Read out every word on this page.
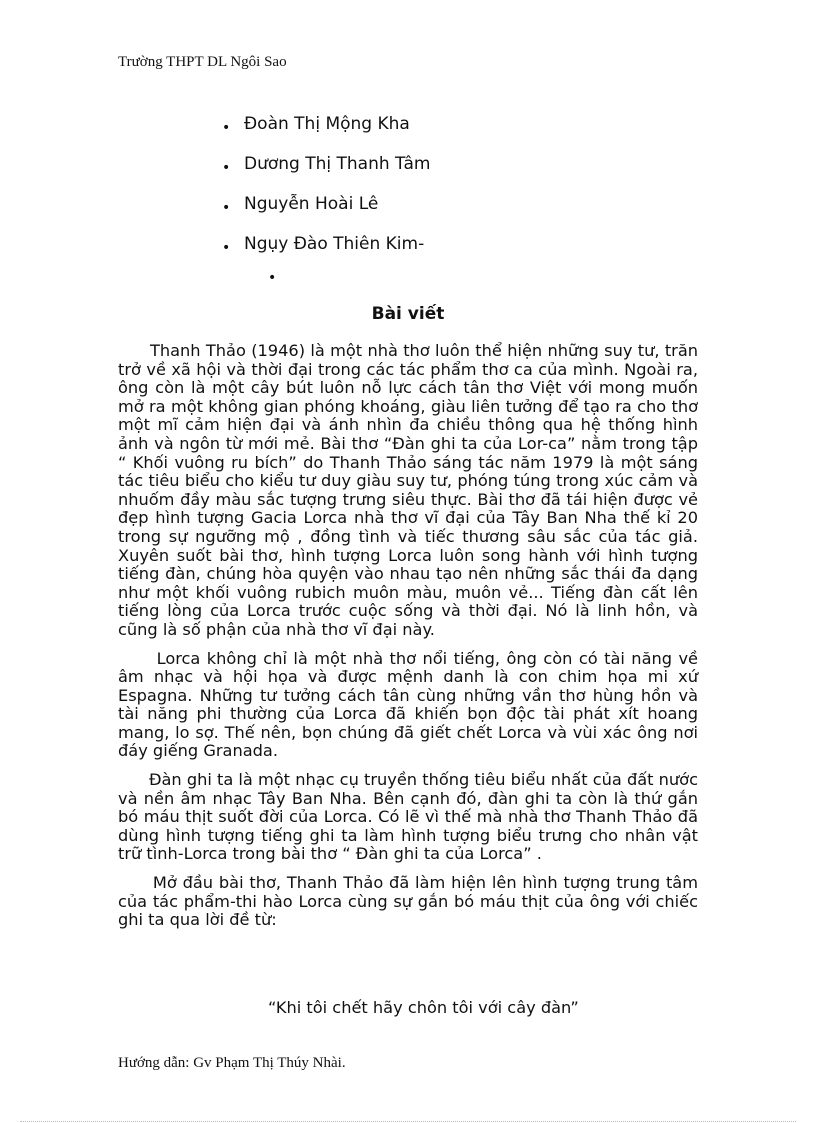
Trường THPT DL Ngôi Sao
• Đoàn Thị Mộng Kha
• Dương Thị Thanh Tâm
• Nguyễn Hoài Lê
• Ngụy Đào Thiên Kim-
•
Bài viết

Thanh Thảo (1946) là một nhà thơ luôn thể hiện những suy tư, trăn trở về xã hội và thời đại trong các tác phẩm thơ ca của mình. Ngoài ra, ông còn là một cây bút luôn nỗ lực cách tân thơ Việt với mong muốn mở ra một không gian phóng khoáng, giàu liên tưởng để tạo ra cho thơ một mĩ cảm hiện đại và ánh nhìn đa chiều thông qua hệ thống hình ảnh và ngôn từ mới mẻ. Bài thơ “Đàn ghi ta của Lor-ca” nằm trong tập “ Khối vuông ru bích” do Thanh Thảo sáng tác năm 1979 là một sáng tác tiêu biểu cho kiểu tư duy giàu suy tư, phóng túng trong xúc cảm và nhuốm đầy màu sắc tượng trưng siêu thực. Bài thơ đã tái hiện được vẻ đẹp hình tượng Gacia Lorca nhà thơ vĩ đại của Tây Ban Nha thế kỉ 20 trong sự ngưỡng mộ , đồng tình và tiếc thương sâu sắc của tác giả. Xuyên suốt bài thơ, hình tượng Lorca luôn song hành với hình tượng tiếng đàn, chúng hòa quyện vào nhau tạo nên những sắc thái đa dạng như một khối vuông rubich muôn màu, muôn vẻ... Tiếng đàn cất lên tiếng lòng của Lorca trước cuộc sống và thời đại. Nó là linh hồn, và cũng là số phận của nhà thơ vĩ đại này.

Lorca không chỉ là một nhà thơ nổi tiếng, ông còn có tài năng về âm nhạc và hội họa và được mệnh danh là con chim họa mi xứ Espagna. Những tư tưởng cách tân cùng những vần thơ hùng hồn và tài năng phi thường của Lorca đã khiến bọn độc tài phát xít hoang mang, lo sợ. Thế nên, bọn chúng đã giết chết Lorca và vùi xác ông nơi đáy giếng Granada.

Đàn ghi ta là một nhạc cụ truyền thống tiêu biểu nhất của đất nước và nền âm nhạc Tây Ban Nha. Bên cạnh đó, đàn ghi ta còn là thứ gắn bó máu thịt suốt đời của Lorca. Có lẽ vì thế mà nhà thơ Thanh Thảo đã dùng hình tượng tiếng ghi ta làm hình tượng biểu trưng cho nhân vật trữ tình-Lorca trong bài thơ “ Đàn ghi ta của Lorca” .

Mở đầu bài thơ, Thanh Thảo đã làm hiện lên hình tượng trung tâm của tác phẩm-thi hào Lorca cùng sự gắn bó máu thịt của ông với chiếc ghi ta qua lời đề từ:

“Khi tôi chết hãy chôn tôi với cây đàn”
Hướng dẫn: Gv Phạm Thị Thúy Nhài.
